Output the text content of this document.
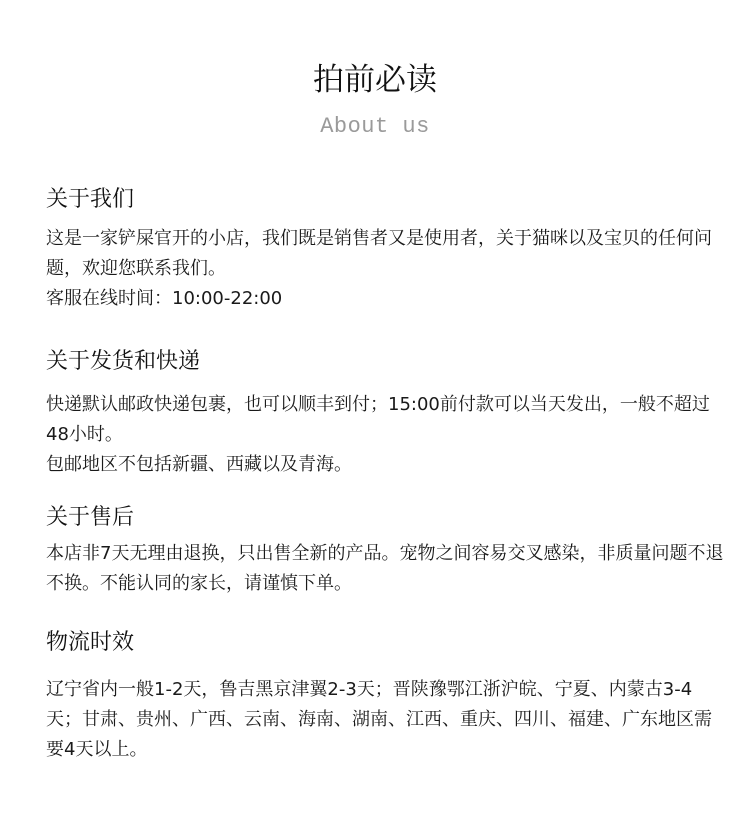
拍前必读
About us
关于我们

这是一家铲屎官开的小店，我们既是销售者又是使用者，关于猫咪以及宝贝的任何问题，欢迎您联系我们。

客服在线时间：10:00-22:00

关于发货和快递

快递默认邮政快递包裹，也可以顺丰到付；15:00前付款可以当天发出，一般不超过48小时。

包邮地区不包括新疆、西藏以及青海。

关于售后

本店非7天无理由退换，只出售全新的产品。宠物之间容易交叉感染，非质量问题不退不换。不能认同的家长，请谨慎下单。

物流时效

辽宁省内一般1-2天，鲁吉黑京津翼2-3天；晋陕豫鄂江浙沪皖、宁夏、内蒙古3-4天；甘肃、贵州、广西、云南、海南、湖南、江西、重庆、四川、福建、广东地区需要4天以上。
